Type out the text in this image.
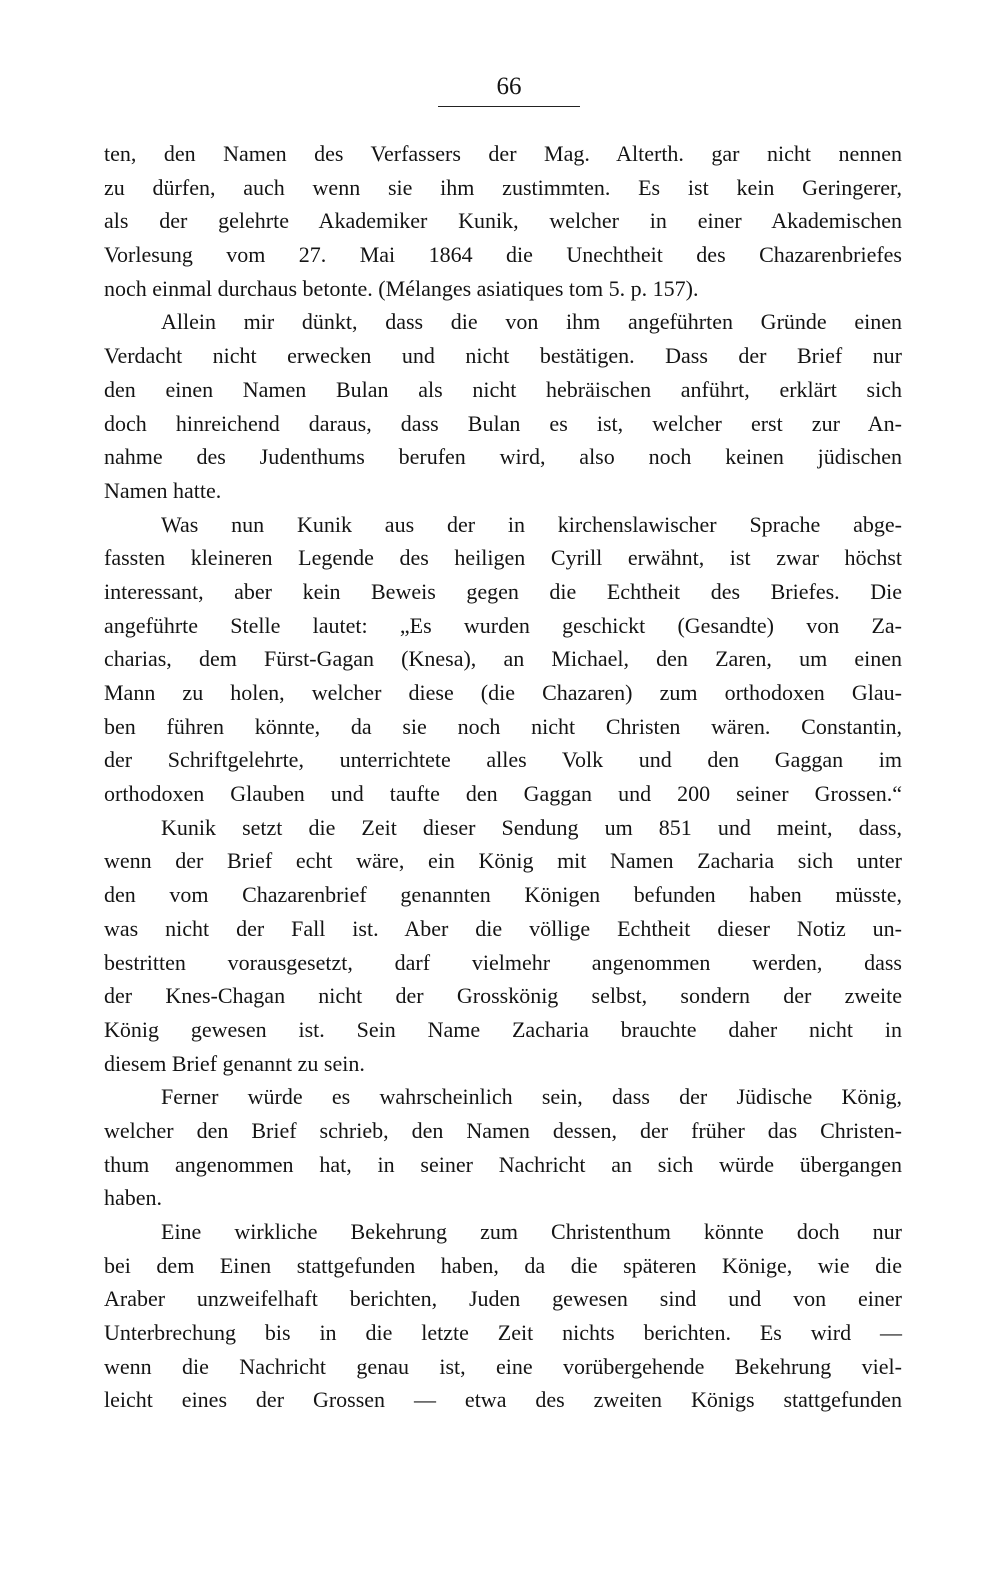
66
ten, den Namen des Verfassers der Mag. Alterth. gar nicht nennen
zu dürfen, auch wenn sie ihm zustimmten. Es ist kein Geringerer,
als der gelehrte Akademiker Kunik, welcher in einer Akademischen
Vorlesung vom 27. Mai 1864 die Unechtheit des Chazarenbriefes
noch einmal durchaus betonte. (Mélanges asiatiques tom 5. p. 157).
Allein mir dünkt, dass die von ihm angeführten Gründe einen
Verdacht nicht erwecken und nicht bestätigen. Dass der Brief nur
den einen Namen Bulan als nicht hebräischen anführt, erklärt sich
doch hinreichend daraus, dass Bulan es ist, welcher erst zur An-
nahme des Judenthums berufen wird, also noch keinen jüdischen
Namen hatte.
Was nun Kunik aus der in kirchenslawischer Sprache abge-
fassten kleineren Legende des heiligen Cyrill erwähnt, ist zwar höchst
interessant, aber kein Beweis gegen die Echtheit des Briefes. Die
angeführte Stelle lautet: „Es wurden geschickt (Gesandte) von Za-
charias, dem Fürst-Gagan (Knesa), an Michael, den Zaren, um einen
Mann zu holen, welcher diese (die Chazaren) zum orthodoxen Glau-
ben führen könnte, da sie noch nicht Christen wären. Constantin,
der Schriftgelehrte, unterrichtete alles Volk und den Gaggan im
orthodoxen Glauben und taufte den Gaggan und 200 seiner Grossen.“
Kunik setzt die Zeit dieser Sendung um 851 und meint, dass,
wenn der Brief echt wäre, ein König mit Namen Zacharia sich unter
den vom Chazarenbrief genannten Königen befunden haben müsste,
was nicht der Fall ist. Aber die völlige Echtheit dieser Notiz un-
bestritten vorausgesetzt, darf vielmehr angenommen werden, dass
der Knes-Chagan nicht der Grosskönig selbst, sondern der zweite
König gewesen ist. Sein Name Zacharia brauchte daher nicht in
diesem Brief genannt zu sein.
Ferner würde es wahrscheinlich sein, dass der Jüdische König,
welcher den Brief schrieb, den Namen dessen, der früher das Christen-
thum angenommen hat, in seiner Nachricht an sich würde übergangen
haben.
Eine wirkliche Bekehrung zum Christenthum könnte doch nur
bei dem Einen stattgefunden haben, da die späteren Könige, wie die
Araber unzweifelhaft berichten, Juden gewesen sind und von einer
Unterbrechung bis in die letzte Zeit nichts berichten. Es wird —
wenn die Nachricht genau ist, eine vorübergehende Bekehrung viel-
leicht eines der Grossen — etwa des zweiten Königs stattgefunden
